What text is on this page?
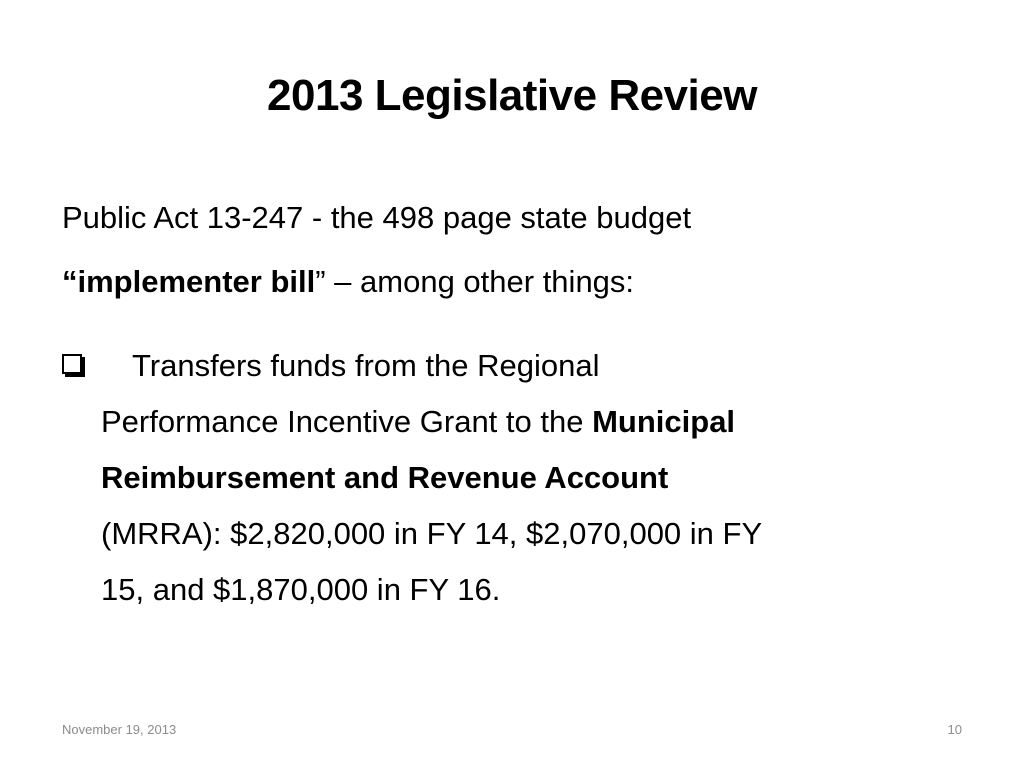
2013 Legislative Review
Public Act 13-247 - the 498 page state budget
“implementer bill” – among other things:
Transfers funds from the Regional
Performance Incentive Grant to the Municipal
Reimbursement and Revenue Account
(MRRA): $2,820,000 in FY 14, $2,070,000 in FY
15, and $1,870,000 in FY 16.
November 19, 2013	10
